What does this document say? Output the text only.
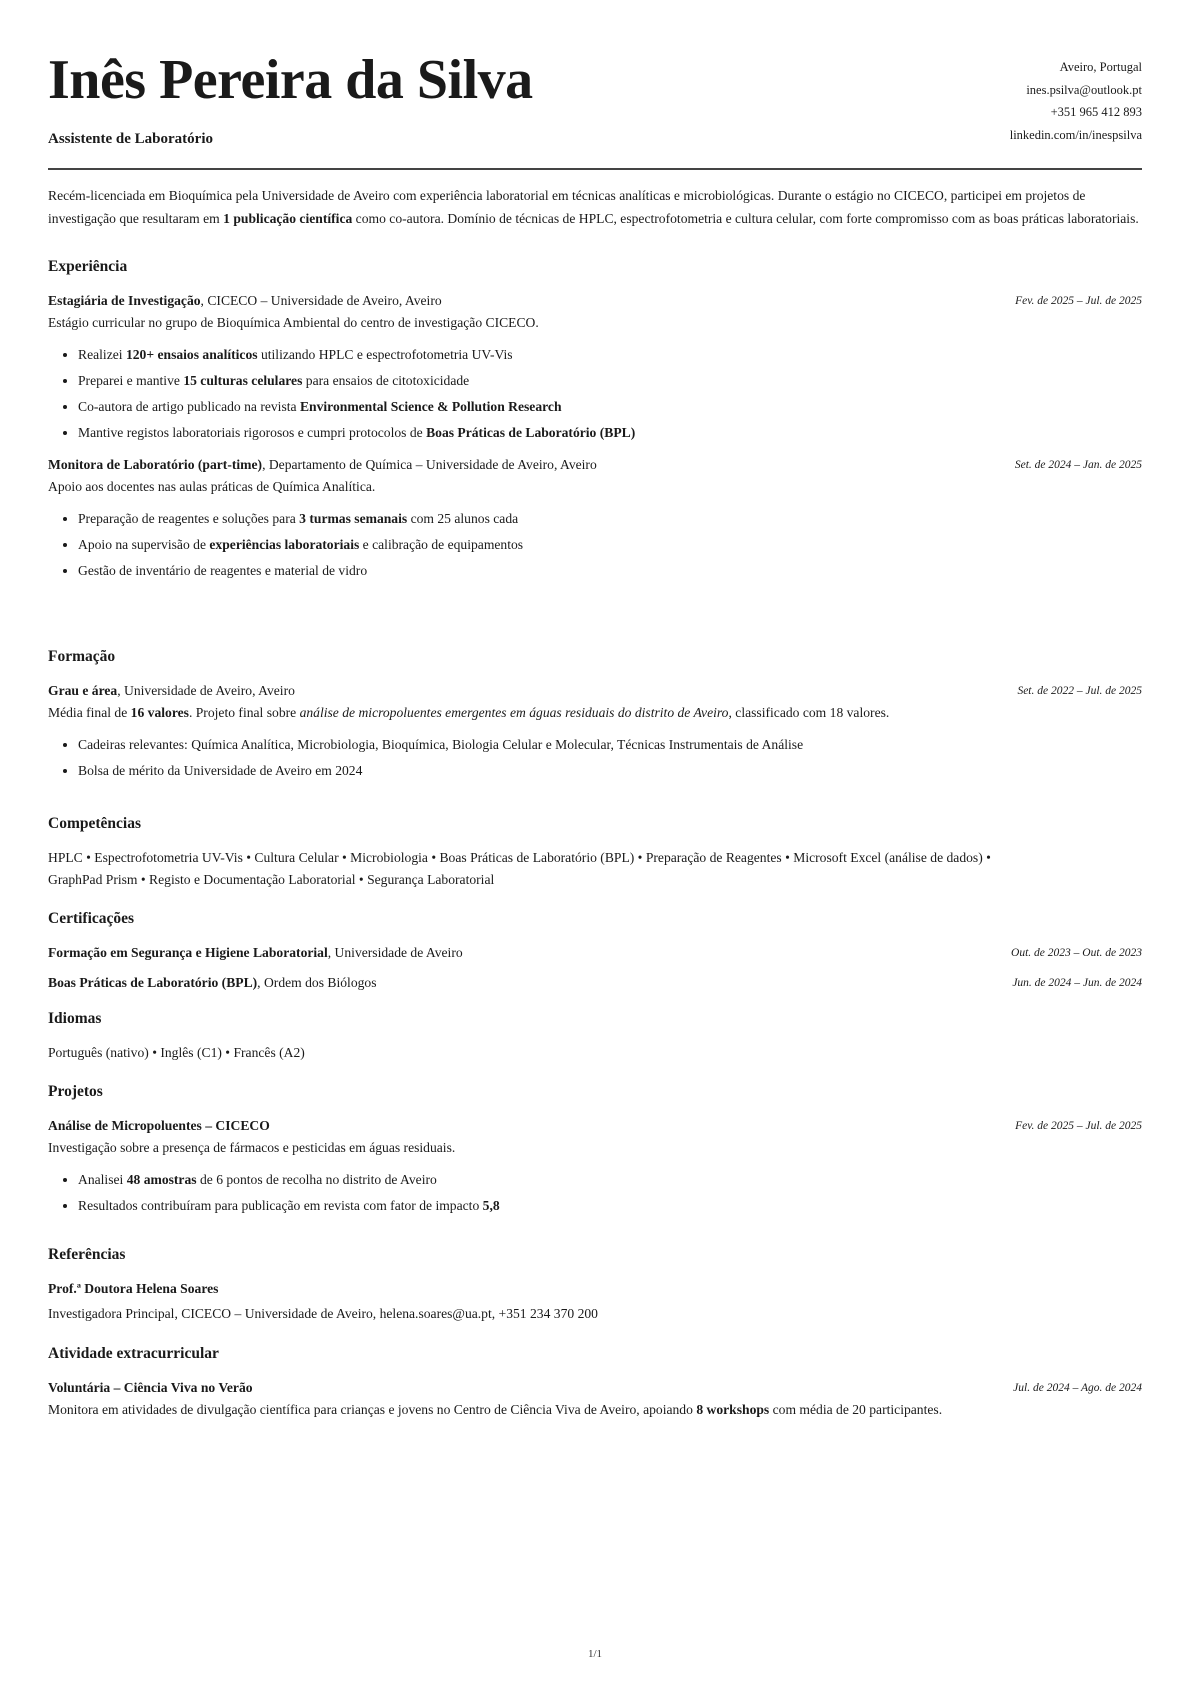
Inês Pereira da Silva
Assistente de Laboratório
Aveiro, Portugal
ines.psilva@outlook.pt
+351 965 412 893
linkedin.com/in/inespsilva
Recém-licenciada em Bioquímica pela Universidade de Aveiro com experiência laboratorial em técnicas analíticas e microbiológicas. Durante o estágio no CICECO, participei em projetos de investigação que resultaram em 1 publicação científica como co-autora. Domínio de técnicas de HPLC, espectrofotometria e cultura celular, com forte compromisso com as boas práticas laboratoriais.
Experiência
Estagiária de Investigação, CICECO – Universidade de Aveiro, Aveiro	Fev. de 2025 – Jul. de 2025
Estágio curricular no grupo de Bioquímica Ambiental do centro de investigação CICECO.
• Realizei 120+ ensaios analíticos utilizando HPLC e espectrofotometria UV-Vis
• Preparei e mantive 15 culturas celulares para ensaios de citotoxicidade
• Co-autora de artigo publicado na revista Environmental Science & Pollution Research
• Mantive registos laboratoriais rigorosos e cumpri protocolos de Boas Práticas de Laboratório (BPL)
Monitora de Laboratório (part-time), Departamento de Química – Universidade de Aveiro, Aveiro	Set. de 2024 – Jan. de 2025
Apoio aos docentes nas aulas práticas de Química Analítica.
• Preparação de reagentes e soluções para 3 turmas semanais com 25 alunos cada
• Apoio na supervisão de experiências laboratoriais e calibração de equipamentos
• Gestão de inventário de reagentes e material de vidro
Formação
Grau e área, Universidade de Aveiro, Aveiro	Set. de 2022 – Jul. de 2025
Média final de 16 valores. Projeto final sobre análise de micropoluentes emergentes em águas residuais do distrito de Aveiro, classificado com 18 valores.
• Cadeiras relevantes: Química Analítica, Microbiologia, Bioquímica, Biologia Celular e Molecular, Técnicas Instrumentais de Análise
• Bolsa de mérito da Universidade de Aveiro em 2024
Competências
HPLC • Espectrofotometria UV-Vis • Cultura Celular • Microbiologia • Boas Práticas de Laboratório (BPL) • Preparação de Reagentes • Microsoft Excel (análise de dados) •
GraphPad Prism • Registo e Documentação Laboratorial • Segurança Laboratorial
Certificações
Formação em Segurança e Higiene Laboratorial, Universidade de Aveiro	Out. de 2023 – Out. de 2023
Boas Práticas de Laboratório (BPL), Ordem dos Biólogos	Jun. de 2024 – Jun. de 2024
Idiomas
Português (nativo) • Inglês (C1) • Francês (A2)
Projetos
Análise de Micropoluentes – CICECO	Fev. de 2025 – Jul. de 2025
Investigação sobre a presença de fármacos e pesticidas em águas residuais.
• Analisei 48 amostras de 6 pontos de recolha no distrito de Aveiro
• Resultados contribuíram para publicação em revista com fator de impacto 5,8
Referências
Prof.ª Doutora Helena Soares
Investigadora Principal, CICECO – Universidade de Aveiro, helena.soares@ua.pt, +351 234 370 200
Atividade extracurricular
Voluntária – Ciência Viva no Verão	Jul. de 2024 – Ago. de 2024
Monitora em atividades de divulgação científica para crianças e jovens no Centro de Ciência Viva de Aveiro, apoiando 8 workshops com média de 20 participantes.
1/1
